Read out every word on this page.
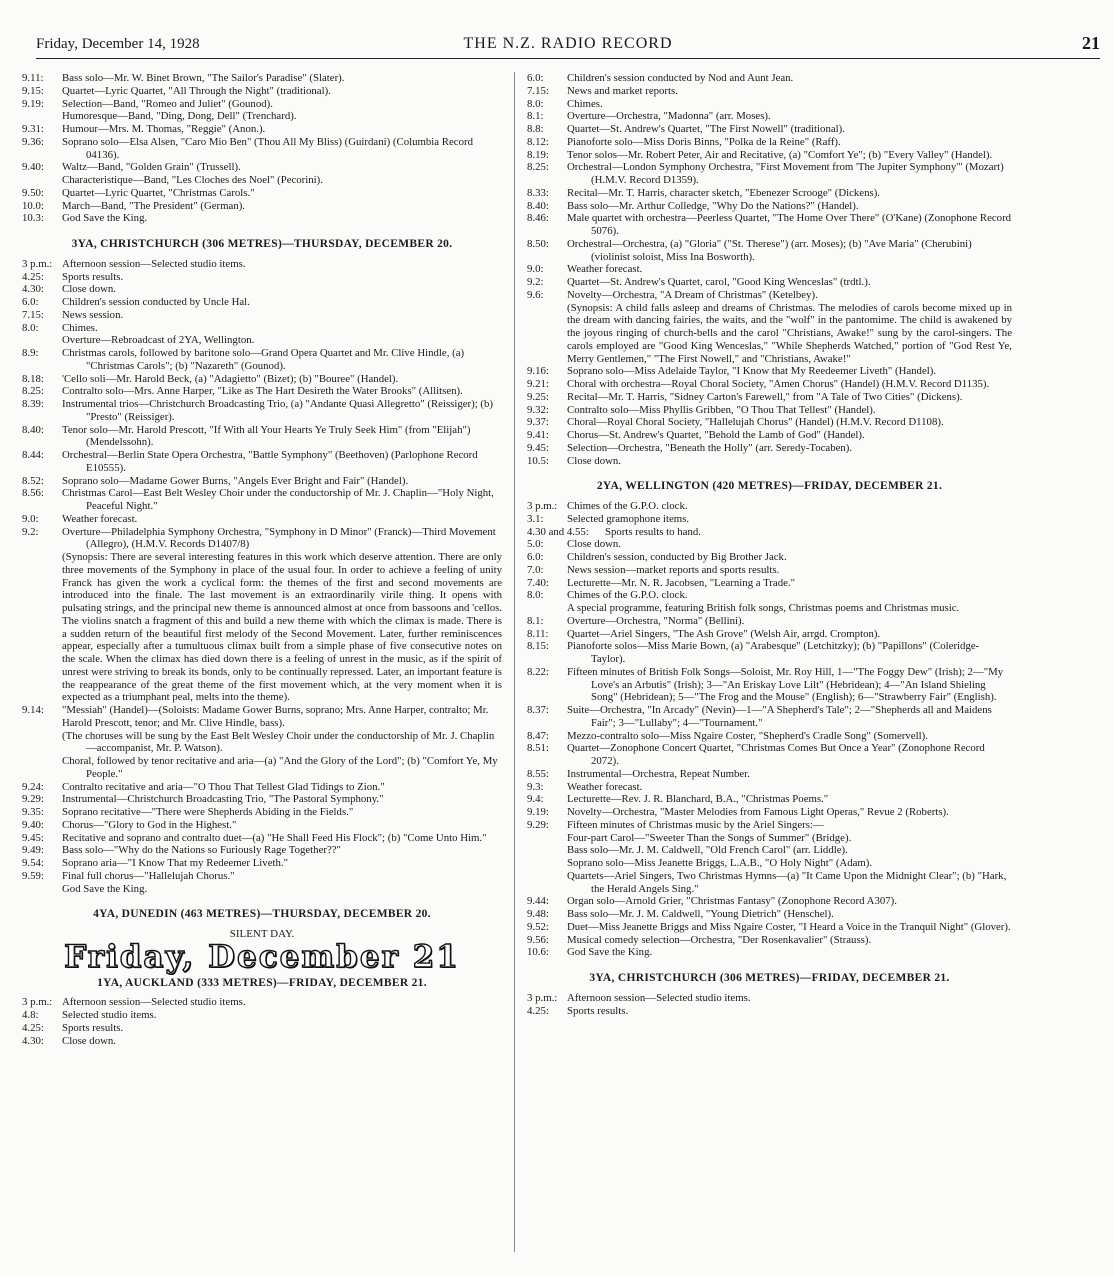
Friday, December 14, 1928	THE N.Z. RADIO RECORD	21
9.11:	Bass solo—Mr. W. Binet Brown, "The Sailor's Paradise" (Slater).
9.15:	Quartet—Lyric Quartet, "All Through the Night" (traditional).
9.19:	Selection—Band, "Romeo and Juliet" (Gounod).
Humoresque—Band, "Ding, Dong, Dell" (Trenchard).
9.31:	Humour—Mrs. M. Thomas, "Reggie" (Anon.).
9.36:	Soprano solo—Elsa Alsen, "Caro Mio Ben" (Thou All My Bliss) (Guirdani) (Columbia Record 04136).
9.40:	Waltz—Band, "Golden Grain" (Trussell).
Characteristique—Band, "Les Cloches des Noel" (Pecorini).
9.50:	Quartet—Lyric Quartet, "Christmas Carols."
10.0:	March—Band, "The President" (German).
10.3:	God Save the King.
3YA, CHRISTCHURCH (306 METRES)—THURSDAY, DECEMBER 20.
3 p.m.: Afternoon session—Selected studio items.
4.25:	Sports results.
4.30:	Close down.
6.0:	Children's session conducted by Uncle Hal.
7.15:	News session.
8.0:	Chimes.
Overture—Rebroadcast of 2YA, Wellington.
8.9:	Christmas carols, followed by baritone solo—Grand Opera Quartet and Mr. Clive Hindle, (a) "Christmas Carols"; (b) "Nazareth" (Gounod).
8.18:	'Cello soli—Mr. Harold Beck, (a) "Adagietto" (Bizet); (b) "Bouree" (Handel).
8.25:	Contralto solo—Mrs. Anne Harper, "Like as The Hart Desireth the Water Brooks" (Allitsen).
8.39:	Instrumental trios—Christchurch Broadcasting Trio, (a) "Andante Quasi Allegretto" (Reissiger); (b) "Presto" (Reissiger).
8.40:	Tenor solo—Mr. Harold Prescott, "If With all Your Hearts Ye Truly Seek Him" (from "Elijah") (Mendelssohn).
8.44:	Orchestral—Berlin State Opera Orchestra, "Battle Symphony" (Beethoven) (Parlophone Record E10555).
8.52:	Soprano solo—Madame Gower Burns, "Angels Ever Bright and Fair" (Handel).
8.56:	Christmas Carol—East Belt Wesley Choir under the conductorship of Mr. J. Chaplin—"Holy Night, Peaceful Night."
9.0:	Weather forecast.
9.2:	Overture—Philadelphia Symphony Orchestra, "Symphony in D Minor" (Franck)—Third Movement (Allegro), (H.M.V. Records D1407/8)
(Synopsis: There are several interesting features in this work which deserve attention. There are only three movements of the Symphony in place of the usual four. In order to achieve a feeling of unity Franck has given the work a cyclical form: the themes of the first and second movements are introduced into the finale. The last movement is an extraordinarily virile thing. It opens with pulsating strings, and the principal new theme is announced almost at once from bassoons and 'cellos. The violins snatch a fragment of this and build a new theme with which the climax is made. There is a sudden return of the beautiful first melody of the Second Movement. Later, further reminiscences appear, especially after a tumultuous climax built from a simple phase of five consecutive notes on the scale. When the climax has died down there is a feeling of unrest in the music, as if the spirit of unrest were striving to break its bonds, only to be continually repressed. Later, an important feature is the reappearance of the great theme of the first movement which, at the very moment when it is expected as a triumphant peal, melts into the theme).
9.14:	"Messiah" (Handel)—(Soloists: Madame Gower Burns, soprano; Mrs. Anne Harper, contralto; Mr. Harold Prescott, tenor; and Mr. Clive Hindle, bass).
(The choruses will be sung by the East Belt Wesley Choir under the conductorship of Mr. J. Chaplin—accompanist, Mr. P. Watson).
Choral, followed by tenor recitative and aria—(a) "And the Glory of the Lord"; (b) "Comfort Ye, My People."
9.24:	Contralto recitative and aria—"O Thou That Tellest Glad Tidings to Zion."
9.29:	Instrumental—Christchurch Broadcasting Trio, "The Pastoral Symphony."
9.35:	Soprano recitative—"There were Shepherds Abiding in the Fields."
9.40:	Chorus—"Glory to God in the Highest."
9.45:	Recitative and soprano and contralto duet—(a) "He Shall Feed His Flock"; (b) "Come Unto Him."
9.49:	Bass solo—"Why do the Nations so Furiously Rage Together??"
9.54:	Soprano aria—"I Know That my Redeemer Liveth."
9.59:	Final full chorus—"Hallelujah Chorus."
God Save the King.
4YA, DUNEDIN (463 METRES)—THURSDAY, DECEMBER 20.
SILENT DAY.
Friday, December 21
1YA, AUCKLAND (333 METRES)—FRIDAY, DECEMBER 21.
3 p.m.: Afternoon session—Selected studio items.
4.8:	Selected studio items.
4.25:	Sports results.
4.30:	Close down.
6.0:	Children's session conducted by Nod and Aunt Jean.
7.15:	News and market reports.
8.0:	Chimes.
8.1:	Overture—Orchestra, "Madonna" (arr. Moses).
8.8:	Quartet—St. Andrew's Quartet, "The First Nowell" (traditional).
8.12:	Pianoforte solo—Miss Doris Binns, "Polka de la Reine" (Raff).
8.19:	Tenor solos—Mr. Robert Peter, Air and Recitative, (a) "Comfort Ye"; (b) "Every Valley" (Handel).
8.25:	Orchestral—London Symphony Orchestra, "First Movement from 'The Jupiter Symphony'" (Mozart) (H.M.V. Record D1359).
8.33:	Recital—Mr. T. Harris, character sketch, "Ebenezer Scrooge" (Dickens).
8.40:	Bass solo—Mr. Arthur Colledge, "Why Do the Nations?" (Handel).
8.46:	Male quartet with orchestra—Peerless Quartet, "The Home Over There" (O'Kane) (Zonophone Record 5076).
8.50:	Orchestral—Orchestra, (a) "Gloria" ("St. Therese") (arr. Moses); (b) "Ave Maria" (Cherubini) (violinist soloist, Miss Ina Bosworth).
9.0:	Weather forecast.
9.2:	Quartet—St. Andrew's Quartet, carol, "Good King Wenceslas" (trdtl.).
9.6:	Novelty—Orchestra, "A Dream of Christmas" (Ketelbey).
(Synopsis: A child falls asleep and dreams of Christmas. The melodies of carols become mixed up in the dream with dancing fairies, the waits, and the "wolf" in the pantomime. The child is awakened by the joyous ringing of church-bells and the carol "Christians, Awake!" sung by the carol-singers. The carols employed are "Good King Wenceslas," "While Shepherds Watched," portion of "God Rest Ye, Merry Gentlemen," "The First Nowell," and "Christians, Awake!"
9.16:	Soprano solo—Miss Adelaide Taylor, "I Know that My Reedeemer Liveth" (Handel).
9.21:	Choral with orchestra—Royal Choral Society, "Amen Chorus" (Handel) (H.M.V. Record D1135).
9.25:	Recital—Mr. T. Harris, "Sidney Carton's Farewell," from "A Tale of Two Cities" (Dickens).
9.32:	Contralto solo—Miss Phyllis Gribben, "O Thou That Tellest" (Handel).
9.37:	Choral—Royal Choral Society, "Hallelujah Chorus" (Handel) (H.M.V. Record D1108).
9.41:	Chorus—St. Andrew's Quartet, "Behold the Lamb of God" (Handel).
9.45:	Selection—Orchestra, "Beneath the Holly" (arr. Seredy-Tocaben).
10.5:	Close down.
2YA, WELLINGTON (420 METRES)—FRIDAY, DECEMBER 21.
3 p.m.: Chimes of the G.P.O. clock.
3.1:	Selected gramophone items.
4.30 and 4.55:	Sports results to hand.
5.0:	Close down.
6.0:	Children's session, conducted by Big Brother Jack.
7.0:	News session—market reports and sports results.
7.40:	Lecturette—Mr. N. R. Jacobsen, "Learning a Trade."
8.0:	Chimes of the G.P.O. clock.
A special programme, featuring British folk songs, Christmas poems and Christmas music.
8.1:	Overture—Orchestra, "Norma" (Bellini).
8.11:	Quartet—Ariel Singers, "The Ash Grove" (Welsh Air, arrgd. Crompton).
8.15:	Pianoforte solos—Miss Marie Bown, (a) "Arabesque" (Letchitzky); (b) "Papillons" (Coleridge-Taylor).
8.22:	Fifteen minutes of British Folk Songs—Soloist, Mr. Roy Hill, 1—"The Foggy Dew" (Irish); 2—"My Love's an Arbutis" (Irish); 3—"An Eriskay Love Lilt" (Hebridean); 4—"An Island Shieling Song" (Hebridean); 5—"The Frog and the Mouse" (English); 6—"Strawberry Fair" (English).
8.37:	Suite—Orchestra, "In Arcady" (Nevin)—1—"A Shepherd's Tale"; 2—"Shepherds all and Maidens Fair"; 3—"Lullaby"; 4—"Tournament."
8.47:	Mezzo-contralto solo—Miss Ngaire Coster, "Shepherd's Cradle Song" (Somervell).
8.51:	Quartet—Zonophone Concert Quartet, "Christmas Comes But Once a Year" (Zonophone Record 2072).
8.55:	Instrumental—Orchestra, Repeat Number.
9.3:	Weather forecast.
9.4:	Lecturette—Rev. J. R. Blanchard, B.A., "Christmas Poems."
9.19:	Novelty—Orchestra, "Master Melodies from Famous Light Operas," Revue 2 (Roberts).
9.29:	Fifteen minutes of Christmas music by the Ariel Singers:—
Four-part Carol—"Sweeter Than the Songs of Summer" (Bridge).
Bass solo—Mr. J. M. Caldwell, "Old French Carol" (arr. Liddle).
Soprano solo—Miss Jeanette Briggs, L.A.B., "O Holy Night" (Adam).
Quartets—Ariel Singers, Two Christmas Hymns—(a) "It Came Upon the Midnight Clear"; (b) "Hark, the Herald Angels Sing."
9.44:	Organ solo—Arnold Grier, "Christmas Fantasy" (Zonophone Record A307).
9.48:	Bass solo—Mr. J. M. Caldwell, "Young Dietrich" (Henschel).
9.52:	Duet—Miss Jeanette Briggs and Miss Ngaire Coster, "I Heard a Voice in the Tranquil Night" (Glover).
9.56:	Musical comedy selection—Orchestra, "Der Rosenkavalier" (Strauss).
10.6:	God Save the King.
3YA, CHRISTCHURCH (306 METRES)—FRIDAY, DECEMBER 21.
3 p.m.: Afternoon session—Selected studio items.
4.25:	Sports results.
